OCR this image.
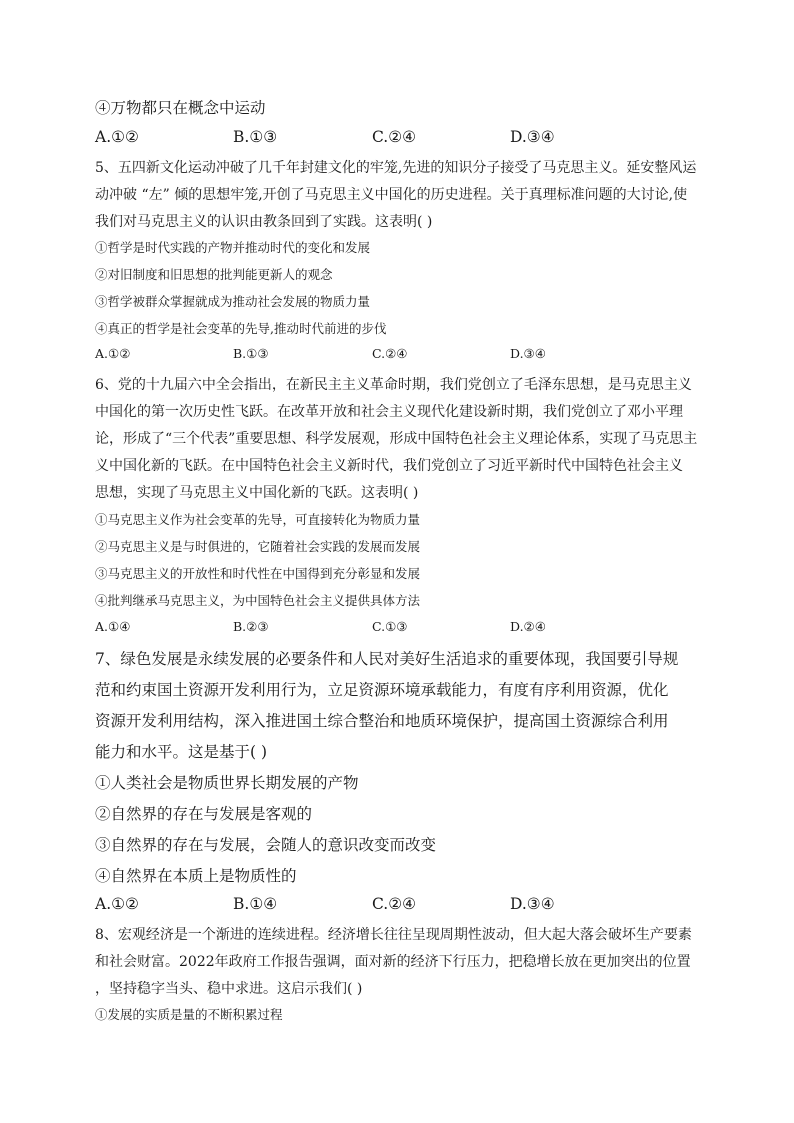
④万物都只在概念中运动
A.①②	B.①③	C.②④	D.③④
5、五四新文化运动冲破了几千年封建文化的牢笼,先进的知识分子接受了马克思主义。延安整风运
动冲破 “左” 倾的思想牢笼,开创了马克思主义中国化的历史进程。关于真理标准问题的大讨论,使
我们对马克思主义的认识由教条回到了实践。这表明( )
①哲学是时代实践的产物并推动时代的变化和发展
②对旧制度和旧思想的批判能更新人的观念
③哲学被群众掌握就成为推动社会发展的物质力量
④真正的哲学是社会变革的先导,推动时代前进的步伐
A.①②	B.①③	C.②④	D.③④
6、党的十九届六中全会指出，在新民主主义革命时期，我们党创立了毛泽东思想，是马克思主义
中国化的第一次历史性飞跃。在改革开放和社会主义现代化建设新时期，我们党创立了邓小平理
论，形成了“三个代表”重要思想、科学发展观，形成中国特色社会主义理论体系，实现了马克思主
义中国化新的飞跃。在中国特色社会主义新时代，我们党创立了习近平新时代中国特色社会主义
思想，实现了马克思主义中国化新的飞跃。这表明( )
①马克思主义作为社会变革的先导，可直接转化为物质力量
②马克思主义是与时俱进的，它随着社会实践的发展而发展
③马克思主义的开放性和时代性在中国得到充分彰显和发展
④批判继承马克思主义，为中国特色社会主义提供具体方法
A.①④	B.②③	C.①③	D.②④
7、绿色发展是永续发展的必要条件和人民对美好生活追求的重要体现，我国要引导规
范和约束国土资源开发利用行为，立足资源环境承载能力，有度有序利用资源，优化
资源开发利用结构，深入推进国土综合整治和地质环境保护，提高国土资源综合利用
能力和水平。这是基于( )
①人类社会是物质世界长期发展的产物
②自然界的存在与发展是客观的
③自然界的存在与发展，会随人的意识改变而改变
④自然界在本质上是物质性的
A.①②	B.①④	C.②④	D.③④
8、宏观经济是一个渐进的连续进程。经济增长往往呈现周期性波动，但大起大落会破坏生产要素
和社会财富。2022年政府工作报告强调，面对新的经济下行压力，把稳增长放在更加突出的位置
，坚持稳字当头、稳中求进。这启示我们( )
①发展的实质是量的不断积累过程
